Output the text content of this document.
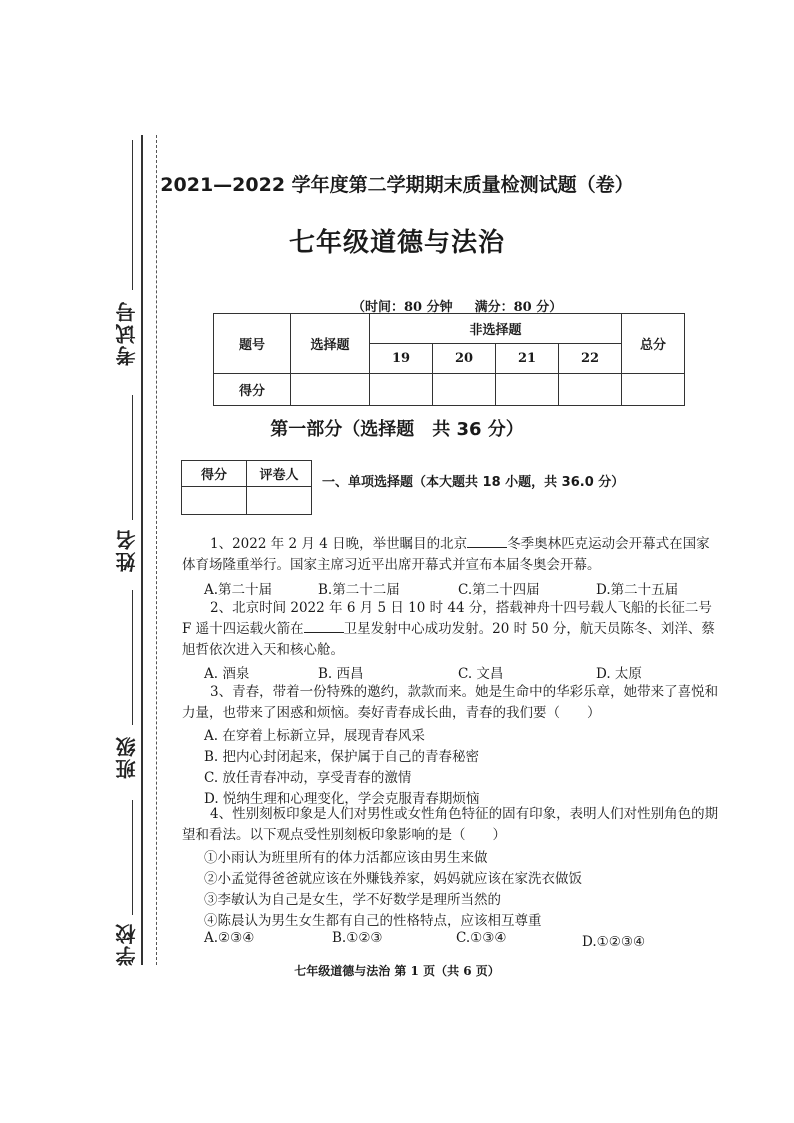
考试号
姓名
班级
学校
2021—2022 学年度第二学期期末质量检测试题（卷）
七年级道德与法治
（时间：80 分钟 满分：80 分）
题号	选择题	非选择题				总分
		19	20	21	22	
得分						
第一部分（选择题　共 36 分）
得分	评卷人
	一、单项选择题（本大题共 18 小题，共 36.0 分）
1、2022 年 2 月 4 日晚，举世瞩目的北京	冬季奥林匹克运动会开幕式在国家体育场隆重举行。国家主席习近平出席开幕式并宣布本届冬奥会开幕。
A.第二十届	B.第二十二届	C.第二十四届	D.第二十五届
2、北京时间 2022 年 6 月 5 日 10 时 44 分，搭载神舟十四号载人飞船的长征二号 F 遥十四运载火箭在	卫星发射中心成功发射。20 时 50 分，航天员陈冬、刘洋、蔡旭哲依次进入天和核心舱。
A. 酒泉	B. 西昌	C. 文昌	D. 太原
3、青春，带着一份特殊的邀约，款款而来。她是生命中的华彩乐章，她带来了喜悦和力量，也带来了困惑和烦恼。奏好青春成长曲，青春的我们要（　　）
A. 在穿着上标新立异，展现青春风采
B. 把内心封闭起来，保护属于自己的青春秘密
C. 放任青春冲动，享受青春的激情
D. 悦纳生理和心理变化，学会克服青春期烦恼
4、性别刻板印象是人们对男性或女性角色特征的固有印象，表明人们对性别角色的期望和看法。以下观点受性别刻板印象影响的是（　　）
①小雨认为班里所有的体力活都应该由男生来做
②小孟觉得爸爸就应该在外赚钱养家，妈妈就应该在家洗衣做饭
③李敏认为自己是女生，学不好数学是理所当然的
④陈晨认为男生女生都有自己的性格特点，应该相互尊重
A.②③④	B.①②③	C.①③④	D.①②③④
七年级道德与法治 第 1 页（共 6 页）
